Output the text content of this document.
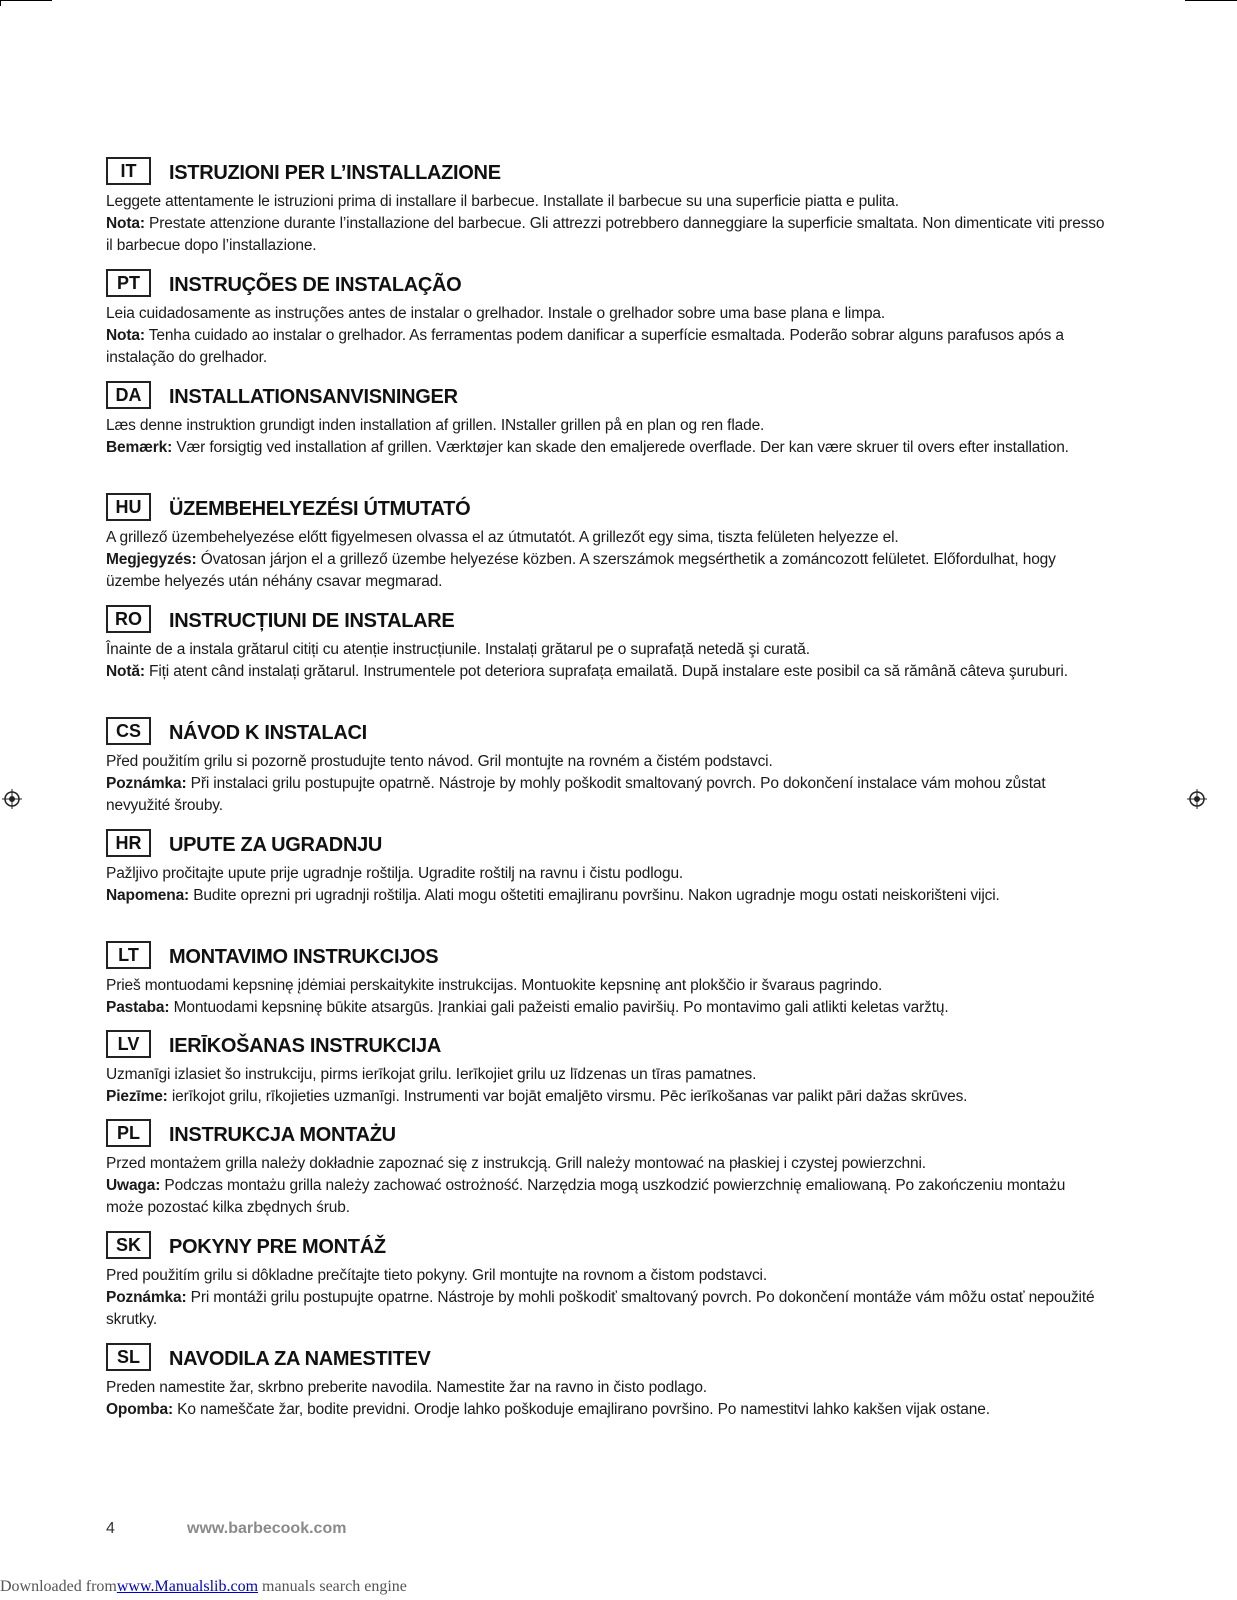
IT	ISTRUZIONI PER L’INSTALLAZIONE

Leggete attentamente le istruzioni prima di installare il barbecue. Installate il barbecue su una superficie piatta e pulita.

Nota: Prestate attenzione durante l’installazione del barbecue. Gli attrezzi potrebbero danneggiare la superficie smaltata. Non dimenticate viti presso il barbecue dopo l’installazione.

PT	INSTRUÇÕES DE INSTALAÇÃO

Leia cuidadosamente as instruções antes de instalar o grelhador. Instale o grelhador sobre uma base plana e limpa.

Nota: Tenha cuidado ao instalar o grelhador. As ferramentas podem danificar a superfície esmaltada. Poderão sobrar alguns parafusos após a instalação do grelhador.

DA	INSTALLATIONSANVISNINGER

Læs denne instruktion grundigt inden installation af grillen. INstaller grillen på en plan og ren flade.

Bemærk: Vær forsigtig ved installation af grillen. Værktøjer kan skade den emaljerede overflade. Der kan være skruer til overs efter installation.

HU	ÜZEMBEHELYEZÉSI ÚTMUTATÓ

A grillező üzembehelyezése előtt figyelmesen olvassa el az útmutatót. A grillezőt egy sima, tiszta felületen helyezze el.

Megjegyzés: Óvatosan járjon el a grillező üzembe helyezése közben. A szerszámok megsérthetik a zománcozott felületet. Előfordulhat, hogy üzembe helyezés után néhány csavar megmarad.

RO	INSTRUCȚIUNI DE INSTALARE

Înainte de a instala grătarul citiți cu atenție instrucțiunile. Instalați grătarul pe o suprafață netedă şi curată.

Notă: Fiți atent când instalați grătarul. Instrumentele pot deteriora suprafața emailată. După instalare este posibil ca să rămână câteva şuruburi.

CS	NÁVOD K INSTALACI

Před použitím grilu si pozorně prostudujte tento návod. Gril montujte na rovném a čistém podstavci.

Poznámka: Při instalaci grilu postupujte opatrně. Nástroje by mohly poškodit smaltovaný povrch. Po dokončení instalace vám mohou zůstat nevyužité šrouby.

HR	UPUTE ZA UGRADNJU

Pažljivo pročitajte upute prije ugradnje roštilja. Ugradite roštilj na ravnu i čistu podlogu.

Napomena: Budite oprezni pri ugradnji roštilja. Alati mogu oštetiti emajliranu površinu. Nakon ugradnje mogu ostati neiskorišteni vijci.

LT	MONTAVIMO INSTRUKCIJOS

Prieš montuodami kepsninę įdėmiai perskaitykite instrukcijas. Montuokite kepsninę ant plokščio ir švaraus pagrindo.

Pastaba: Montuodami kepsninę būkite atsargūs. Įrankiai gali pažeisti emalio paviršių. Po montavimo gali atlikti keletas varžtų.

LV	IERĪKOŠANAS INSTRUKCIJA

Uzmanīgi izlasiet šo instrukciju, pirms ierīkojat grilu. Ierīkojiet grilu uz līdzenas un tīras pamatnes.

Piezīme: ierīkojot grilu, rīkojieties uzmanīgi. Instrumenti var bojāt emaljēto virsmu. Pēc ierīkošanas var palikt pāri dažas skrūves.

PL	INSTRUKCJA MONTAŻU

Przed montażem grilla należy dokładnie zapoznać się z instrukcją. Grill należy montować na płaskiej i czystej powierzchni.

Uwaga: Podczas montażu grilla należy zachować ostrożność. Narzędzia mogą uszkodzić powierzchnię emaliowaną. Po zakończeniu montażu może pozostać kilka zbędnych śrub.

SK	POKYNY PRE MONTÁŽ

Pred použitím grilu si dôkladne prečítajte tieto pokyny. Gril montujte na rovnom a čistom podstavci.

Poznámka: Pri montáži grilu postupujte opatrne. Nástroje by mohli poškodiť smaltovaný povrch. Po dokončení montáže vám môžu ostať nepoužité skrutky.

SL	NAVODILA ZA NAMESTITEV

Preden namestite žar, skrbno preberite navodila. Namestite žar na ravno in čisto podlago.

Opomba: Ko nameščate žar, bodite previdni. Orodje lahko poškoduje emajlirano površino. Po namestitvi lahko kakšen vijak ostane.

4	www.barbecook.com
Downloaded fromwww.Manualslib.com manuals search engine
